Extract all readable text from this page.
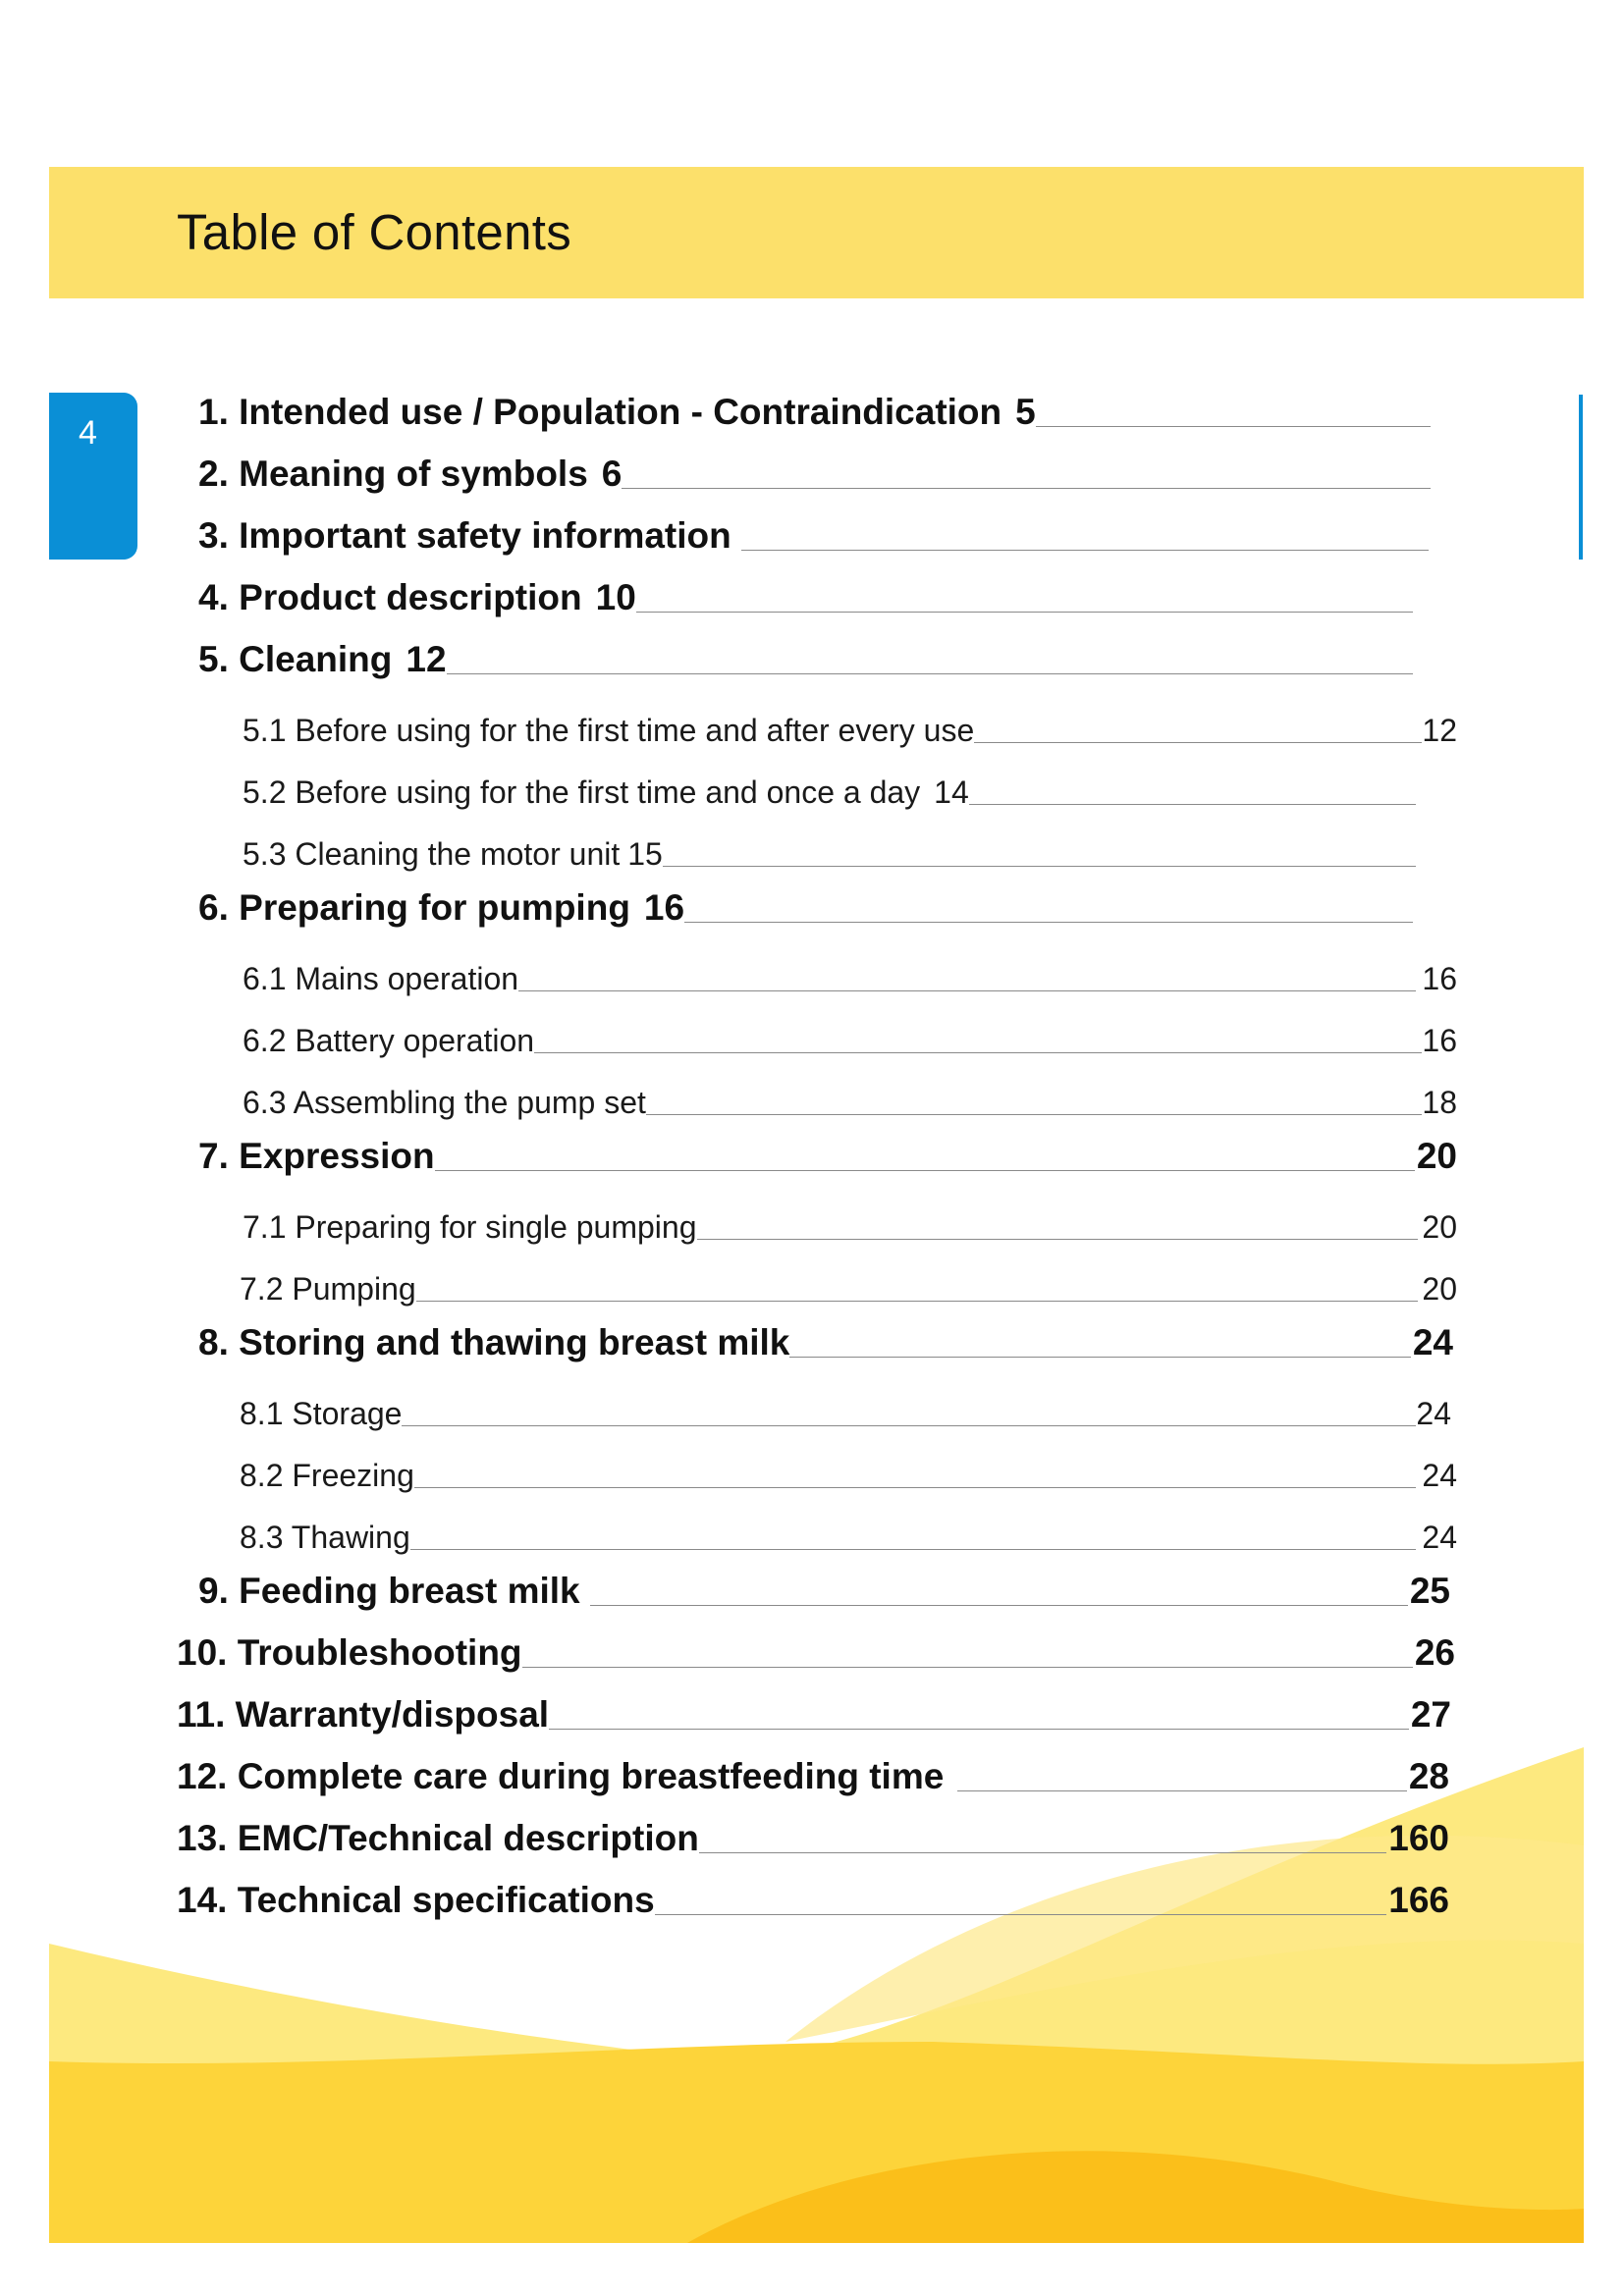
Table of Contents
4
1. Intended use / Population - Contraindication 5
2. Meaning of symbols 6
3. Important safety information
4. Product description 10
5. Cleaning 12
5.1 Before using for the first time and after every use	12
5.2 Before using for the first time and once a day 14
5.3 Cleaning the motor unit 15
6. Preparing for pumping 16
6.1 Mains operation	16
6.2 Battery operation	16
6.3 Assembling the pump set	18
7. Expression	20
7.1 Preparing for single pumping	20
7.2 Pumping	20
8. Storing and thawing breast milk	24
8.1 Storage	24
8.2 Freezing	24
8.3 Thawing	24
9. Feeding breast milk	25
10. Troubleshooting	26
11. Warranty/disposal	27
12. Complete care during breastfeeding time	28
13. EMC/Technical description	160
14. Technical specifications	166
